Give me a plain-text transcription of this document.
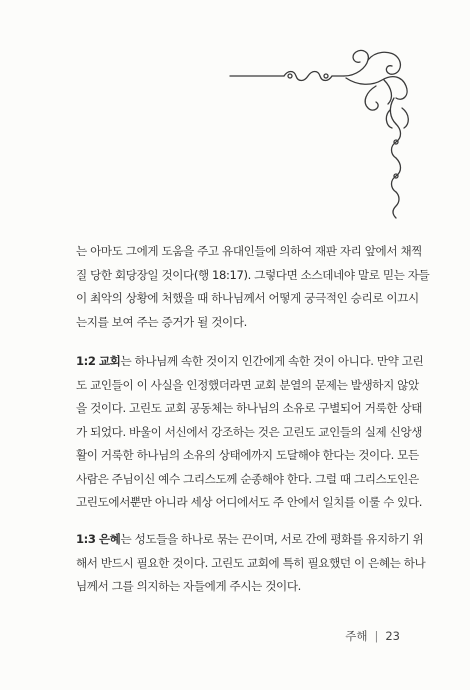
는 아마도 그에게 도움을 주고 유대인들에 의하여 재판 자리 앞에서 채찍
질 당한 회당장일 것이다(행 18:17). 그렇다면 소스데네야 말로 믿는 자들
이 최악의 상황에 처했을 때 하나님께서 어떻게 궁극적인 승리로 이끄시
는지를 보여 주는 증거가 될 것이다.
1:2 교회는 하나님께 속한 것이지 인간에게 속한 것이 아니다. 만약 고린
도 교인들이 이 사실을 인정했더라면 교회 분열의 문제는 발생하지 않았
을 것이다. 고린도 교회 공동체는 하나님의 소유로 구별되어 거룩한 상태
가 되었다. 바울이 서신에서 강조하는 것은 고린도 교인들의 실제 신앙생
활이 거룩한 하나님의 소유의 상태에까지 도달해야 한다는 것이다. 모든
사람은 주님이신 예수 그리스도께 순종해야 한다. 그럴 때 그리스도인은
고린도에서뿐만 아니라 세상 어디에서도 주 안에서 일치를 이룰 수 있다.
1:3 은혜는 성도들을 하나로 묶는 끈이며, 서로 간에 평화를 유지하기 위
해서 반드시 필요한 것이다. 고린도 교회에 특히 필요했던 이 은혜는 하나
님께서 그를 의지하는 자들에게 주시는 것이다.
주해 | 23
